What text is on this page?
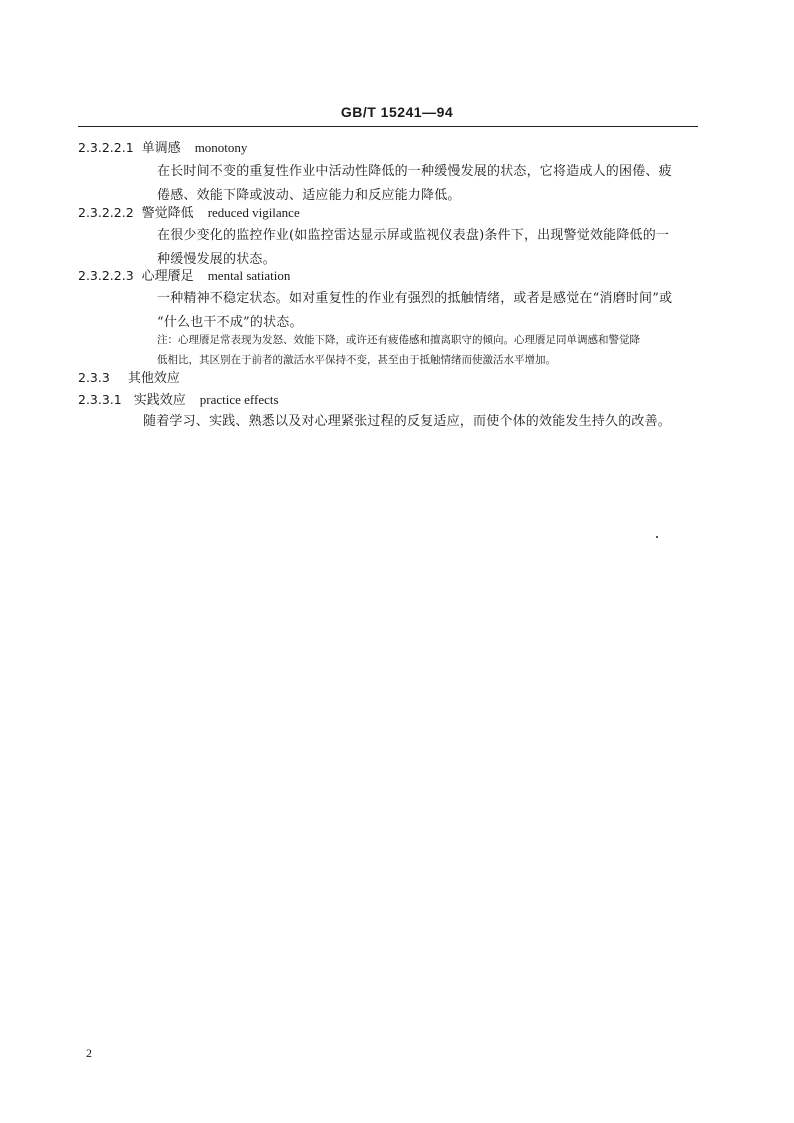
GB/T 15241—94
2.3.2.2.1 单调感 monotony
在长时间不变的重复性作业中活动性降低的一种缓慢发展的状态，它将造成人的困倦、疲
倦感、效能下降或波动、适应能力和反应能力降低。
2.3.2.2.2 警觉降低 reduced vigilance
在很少变化的监控作业(如监控雷达显示屏或监视仪表盘)条件下，出现警觉效能降低的一
种缓慢发展的状态。
2.3.2.2.3 心理餍足 mental satiation
一种精神不稳定状态。如对重复性的作业有强烈的抵触情绪，或者是感觉在“消磨时间”或
“什么也干不成”的状态。
注：心理餍足常表现为发怒、效能下降，或许还有疲倦感和擅离职守的倾向。心理餍足同单调感和警觉降
低相比，其区别在于前者的激活水平保持不变，甚至由于抵触情绪而使激活水平增加。
2.3.3 其他效应
2.3.3.1 实践效应 practice effects
随着学习、实践、熟悉以及对心理紧张过程的反复适应，而使个体的效能发生持久的改善。
2
